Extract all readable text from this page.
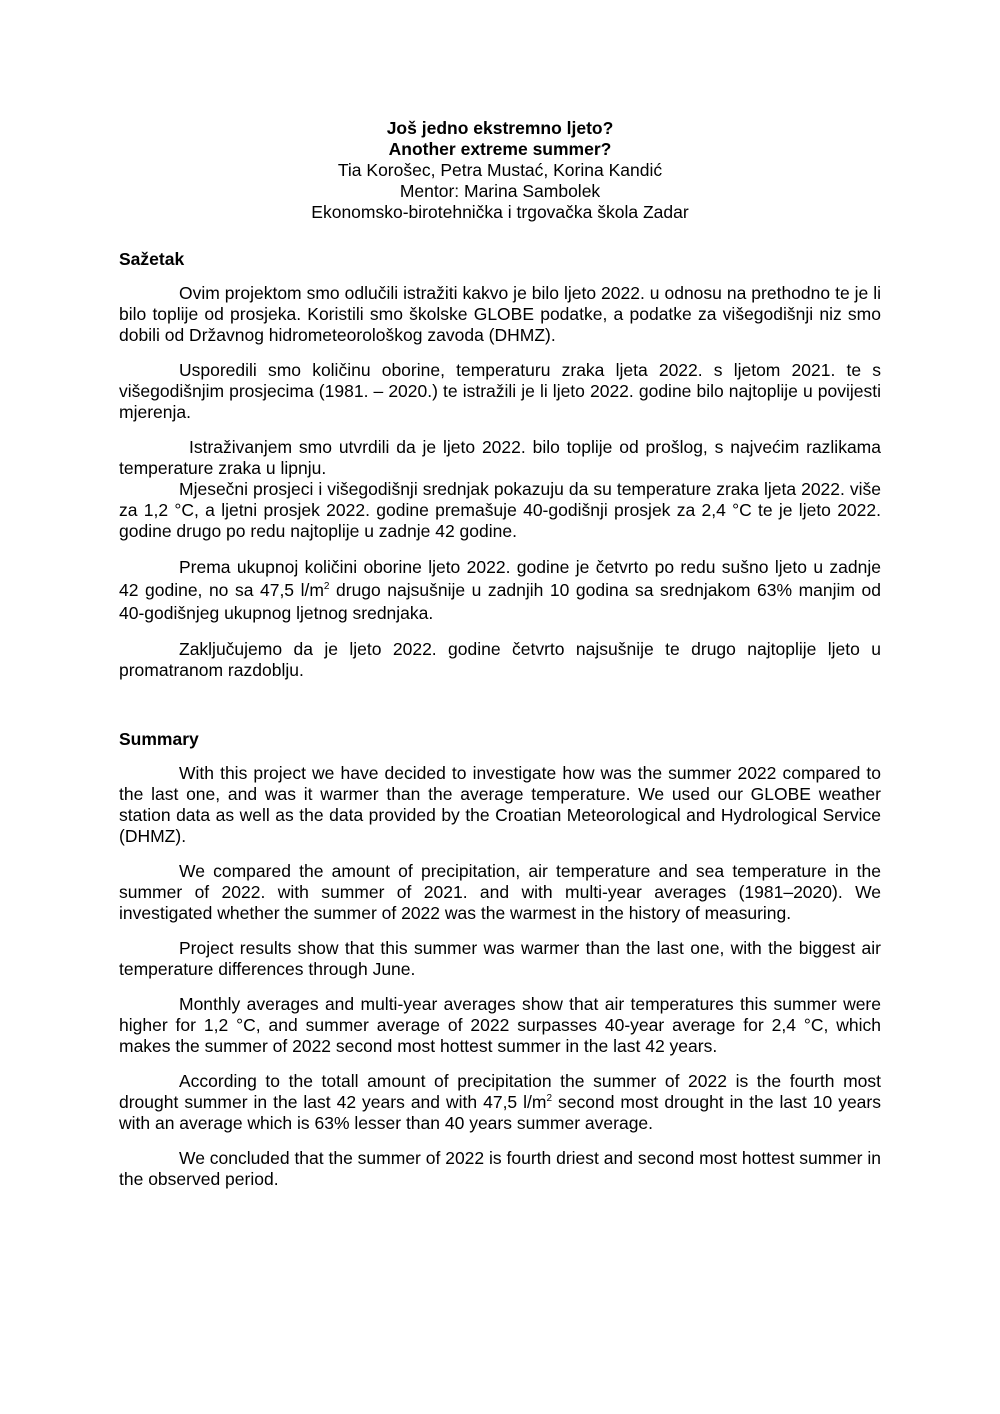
Još jedno ekstremno ljeto?
Another extreme summer?
Tia Korošec, Petra Mustać, Korina Kandić
Mentor: Marina Sambolek
Ekonomsko-birotehnička i trgovačka škola Zadar
Sažetak

Ovim projektom smo odlučili istražiti kakvo je bilo ljeto 2022. u odnosu na prethodno te je li bilo toplije od prosjeka. Koristili smo školske GLOBE podatke, a podatke za višegodišnji niz smo dobili od Državnog hidrometeorološkog zavoda (DHMZ).

Usporedili smo količinu oborine, temperaturu zraka ljeta 2022. s ljetom 2021. te s višegodišnjim prosjecima (1981. – 2020.) te istražili je li ljeto 2022. godine bilo najtoplije u povijesti mjerenja.

Istraživanjem smo utvrdili da je ljeto 2022. bilo toplije od prošlog, s najvećim razlikama temperature zraka u lipnju.

Mjesečni prosjeci i višegodišnji srednjak pokazuju da su temperature zraka ljeta 2022. više za 1,2 °C, a ljetni prosjek 2022. godine premašuje 40-godišnji prosjek za 2,4 °C te je ljeto 2022. godine drugo po redu najtoplije u zadnje 42 godine.

Prema ukupnoj količini oborine ljeto 2022. godine je četvrto po redu sušno ljeto u zadnje 42 godine, no sa 47,5 $l/m^2$ drugo najsušnije u zadnjih 10 godina sa srednjakom 63% manjim od 40-godišnjeg ukupnog ljetnog srednjaka.

Zaključujemo da je ljeto 2022. godine četvrto najsušnije te drugo najtoplije ljeto u promatranom razdoblju.

Summary

With this project we have decided to investigate how was the summer 2022 compared to the last one, and was it warmer than the average temperature. We used our GLOBE weather station data as well as the data provided by the Croatian Meteorological and Hydrological Service (DHMZ).

We compared the amount of precipitation, air temperature and sea temperature in the summer of 2022. with summer of 2021. and with multi-year averages (1981–2020). We investigated whether the summer of 2022 was the warmest in the history of measuring.

Project results show that this summer was warmer than the last one, with the biggest air temperature differences through June.

Monthly averages and multi-year averages show that air temperatures this summer were higher for 1,2 °C, and summer average of 2022 surpasses 40-year average for 2,4 °C, which makes the summer of 2022 second most hottest summer in the last 42 years.

According to the totall amount of precipitation the summer of 2022 is the fourth most drought summer in the last 42 years and with 47,5 $l/m^2$ second most drought in the last 10 years with an average which is 63% lesser than 40 years summer average.

We concluded that the summer of 2022 is fourth driest and second most hottest summer in the observed period.
